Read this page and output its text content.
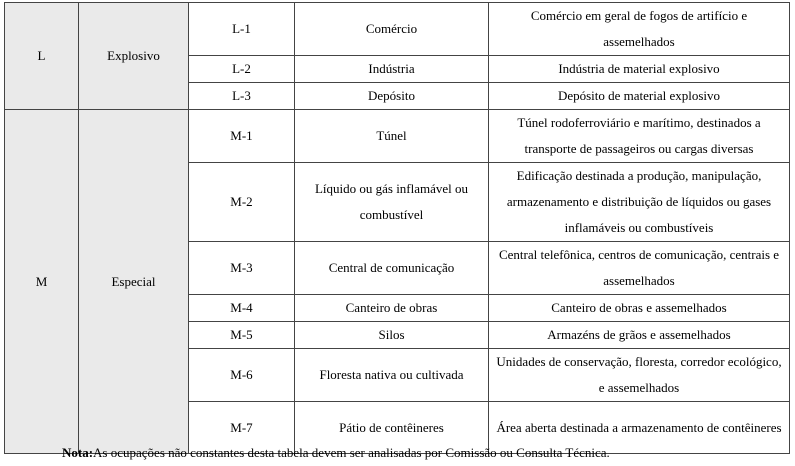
L	Explosivo	L-1	Comércio	Comércio em geral de fogos de artifício e assemelhados
		L-2	Indústria	Indústria de material explosivo
		L-3	Depósito	Depósito de material explosivo
M	Especial	M-1	Túnel	Túnel rodoferroviário e marítimo, destinados a transporte de passageiros ou cargas diversas
		M-2	Líquido ou gás inflamável ou combustível	Edificação destinada a produção, manipulação, armazenamento e distribuição de líquidos ou gases inflamáveis ou combustíveis
		M-3	Central de comunicação	Central telefônica, centros de comunicação, centrais e assemelhados
		M-4	Canteiro de obras	Canteiro de obras e assemelhados
		M-5	Silos	Armazéns de grãos e assemelhados
		M-6	Floresta nativa ou cultivada	Unidades de conservação, floresta, corredor ecológico, e assemelhados
		M-7	Pátio de contêineres	Área aberta destinada a armazenamento de contêineres
Nota:As ocupações não constantes desta tabela devem ser analisadas por Comissão ou Consulta Técnica.
